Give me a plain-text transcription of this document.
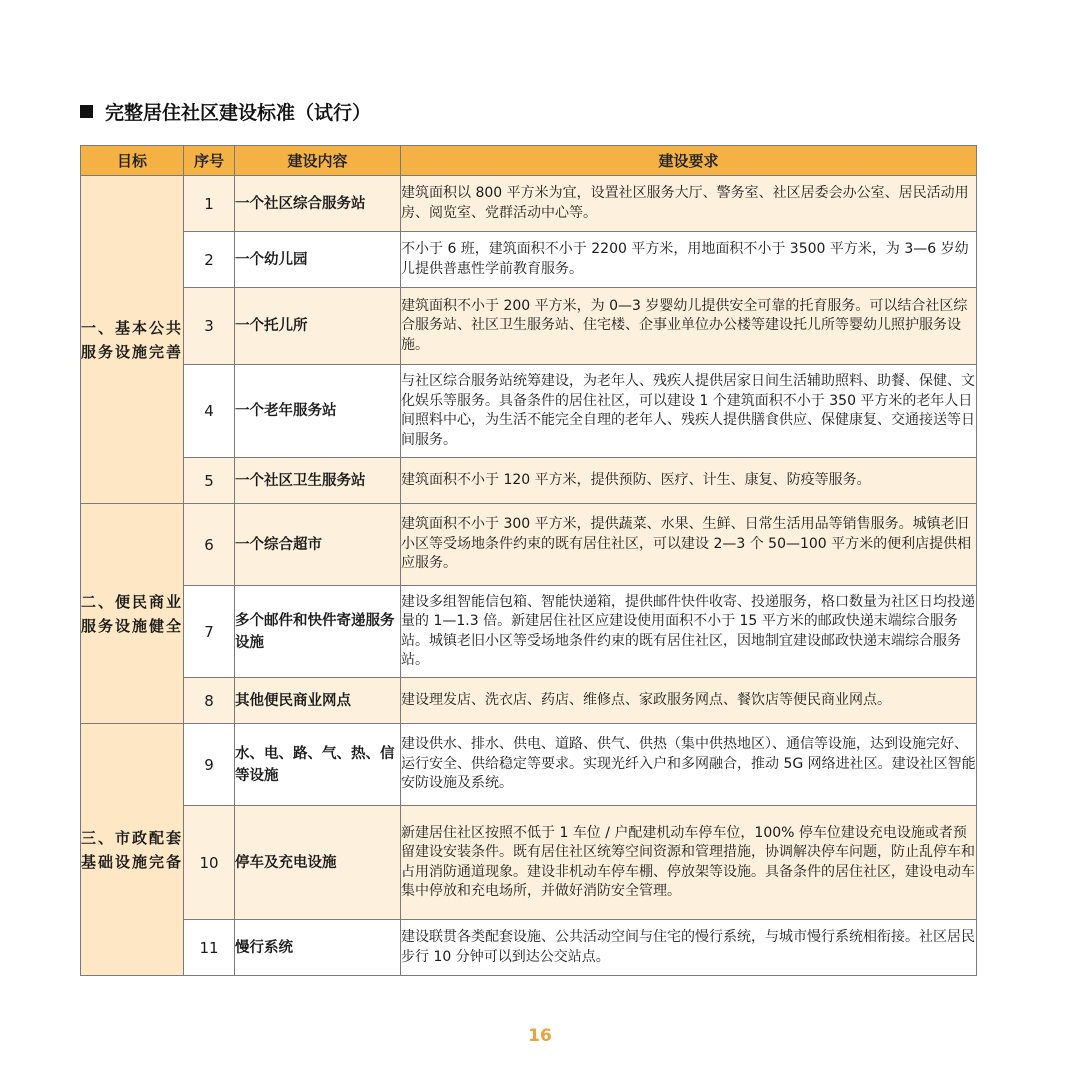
完整居住社区建设标准（试行）
目标	序号	建设内容	建设要求
一、基本公共服务设施完善	1	一个社区综合服务站	建筑面积以 800 平方米为宜，设置社区服务大厅、警务室、社区居委会办公室、居民活动用房、阅览室、党群活动中心等。
	2	一个幼儿园	不小于 6 班，建筑面积不小于 2200 平方米，用地面积不小于 3500 平方米，为 3—6 岁幼儿提供普惠性学前教育服务。
	3	一个托儿所	建筑面积不小于 200 平方米，为 0—3 岁婴幼儿提供安全可靠的托育服务。可以结合社区综合服务站、社区卫生服务站、住宅楼、企事业单位办公楼等建设托儿所等婴幼儿照护服务设施。
	4	一个老年服务站	与社区综合服务站统筹建设，为老年人、残疾人提供居家日间生活辅助照料、助餐、保健、文化娱乐等服务。具备条件的居住社区，可以建设 1 个建筑面积不小于 350 平方米的老年人日间照料中心，为生活不能完全自理的老年人、残疾人提供膳食供应、保健康复、交通接送等日间服务。
	5	一个社区卫生服务站	建筑面积不小于 120 平方米，提供预防、医疗、计生、康复、防疫等服务。
二、便民商业服务设施健全	6	一个综合超市	建筑面积不小于 300 平方米，提供蔬菜、水果、生鲜、日常生活用品等销售服务。城镇老旧小区等受场地条件约束的既有居住社区，可以建设 2—3 个 50—100 平方米的便利店提供相应服务。
	7	多个邮件和快件寄递服务设施	建设多组智能信包箱、智能快递箱，提供邮件快件收寄、投递服务，格口数量为社区日均投递量的 1—1.3 倍。新建居住社区应建设使用面积不小于 15 平方米的邮政快递末端综合服务站。城镇老旧小区等受场地条件约束的既有居住社区，因地制宜建设邮政快递末端综合服务站。
	8	其他便民商业网点	建设理发店、洗衣店、药店、维修点、家政服务网点、餐饮店等便民商业网点。
三、市政配套基础设施完备	9	水、电、路、气、热、信等设施	建设供水、排水、供电、道路、供气、供热（集中供热地区）、通信等设施，达到设施完好、运行安全、供给稳定等要求。实现光纤入户和多网融合，推动 5G 网络进社区。建设社区智能安防设施及系统。
	10	停车及充电设施	新建居住社区按照不低于 1 车位 / 户配建机动车停车位，100% 停车位建设充电设施或者预留建设安装条件。既有居住社区统筹空间资源和管理措施，协调解决停车问题，防止乱停车和占用消防通道现象。建设非机动车停车棚、停放架等设施。具备条件的居住社区，建设电动车集中停放和充电场所，并做好消防安全管理。
	11	慢行系统	建设联贯各类配套设施、公共活动空间与住宅的慢行系统，与城市慢行系统相衔接。社区居民步行 10 分钟可以到达公交站点。
16
